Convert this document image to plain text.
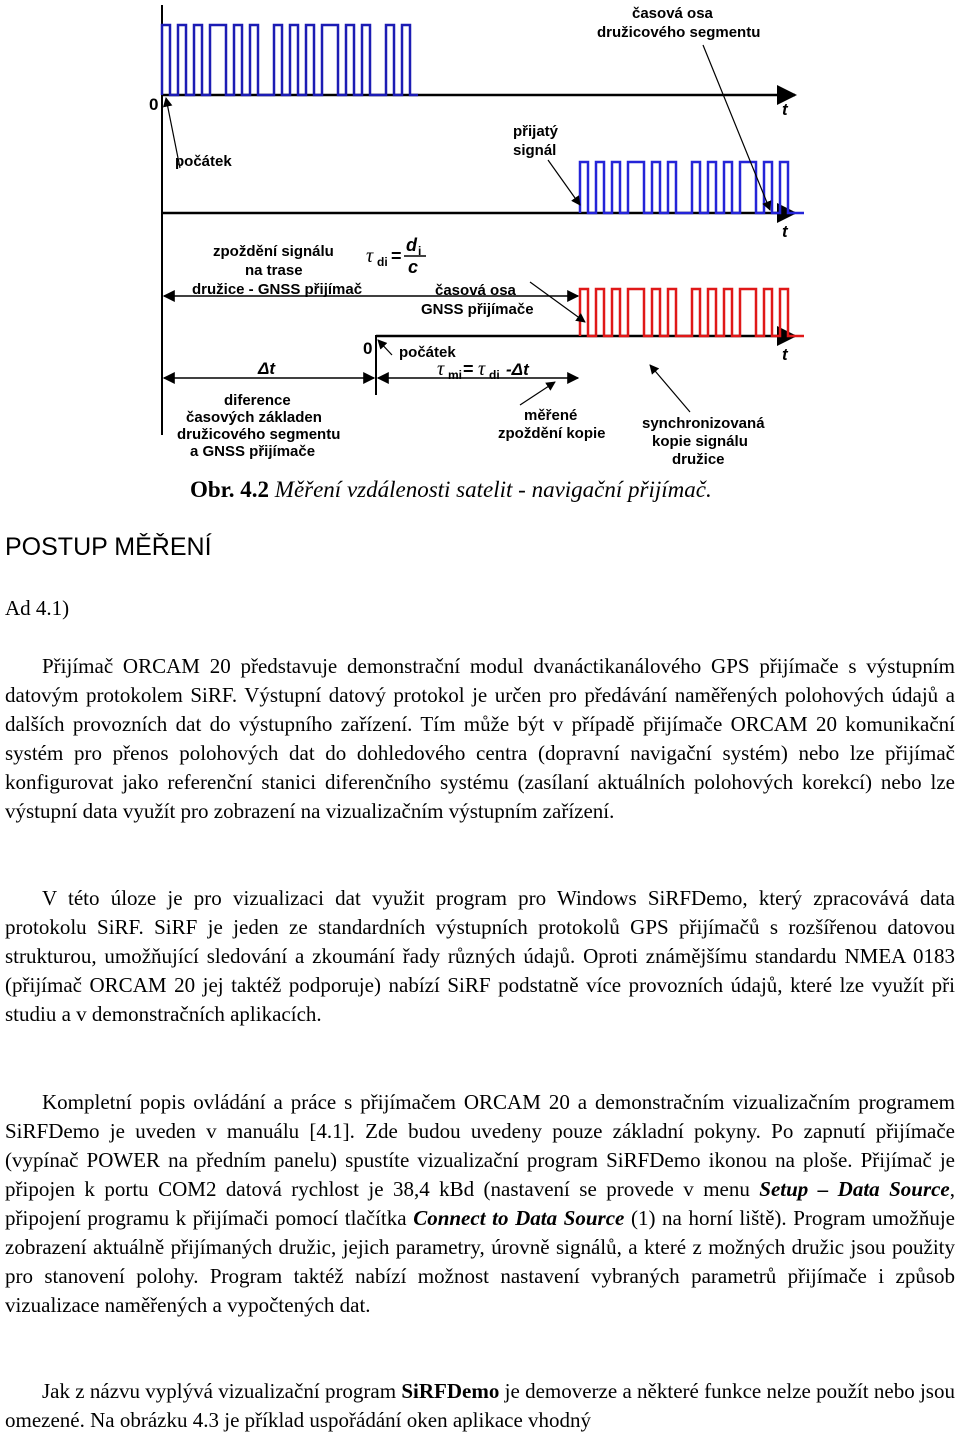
časová osa
družicového segmentu
0	t
počátek
přijatý
signál
t
zpoždění signálu
na trase
družice - GNSS přijímač
τ di =
d i
c
časová osa
GNSS přijímače
0	t
počátek
Δt	τ mi = τ di -Δt
diference
časových základen
družicového segmentu
a GNSS přijímače
měřené
zpoždění kopie
synchronizovaná
kopie signálu
družice
Obr. 4.2 Měření vzdálenosti satelit - navigační přijímač.
POSTUP MĚŘENÍ

Ad 4.1)

Přijímač ORCAM 20 představuje demonstrační modul dvanáctikanálového GPS přijímače s výstupním datovým protokolem SiRF. Výstupní datový protokol je určen pro předávání naměřených polohových údajů a dalších provozních dat do výstupního zařízení. Tím může být v případě přijímače ORCAM 20 komunikační systém pro přenos polohových dat do dohledového centra (dopravní navigační systém) nebo lze přijímač konfigurovat jako referenční stanici diferenčního systému (zasílaní aktuálních polohových korekcí) nebo lze výstupní data využít pro zobrazení na vizualizačním výstupním zařízení.

V této úloze je pro vizualizaci dat využit program pro Windows SiRFDemo, který zpracovává data protokolu SiRF. SiRF je jeden ze standardních výstupních protokolů GPS přijímačů s rozšířenou datovou strukturou, umožňující sledování a zkoumání řady různých údajů. Oproti známějšímu standardu NMEA 0183 (přijímač ORCAM 20 jej taktéž podporuje) nabízí SiRF podstatně více provozních údajů, které lze využít při studiu a v demonstračních aplikacích.

Kompletní popis ovládání a práce s přijímačem ORCAM 20 a demonstračním vizualizačním programem SiRFDemo je uveden v manuálu [4.1]. Zde budou uvedeny pouze základní pokyny. Po zapnutí přijímače (vypínač POWER na předním panelu) spustíte vizualizační program SiRFDemo ikonou na ploše. Přijímač je připojen k portu COM2 datová rychlost je 38,4 kBd (nastavení se provede v menu Setup – Data Source, připojení programu k přijímači pomocí tlačítka Connect to Data Source (1) na horní liště). Program umožňuje zobrazení aktuálně přijímaných družic, jejich parametry, úrovně signálů, a které z možných družic jsou použity pro stanovení polohy. Program taktéž nabízí možnost nastavení vybraných parametrů přijímače i způsob vizualizace naměřených a vypočtených dat.

Jak z názvu vyplývá vizualizační program SiRFDemo je demoverze a některé funkce nelze použít nebo jsou omezené. Na obrázku 4.3 je příklad uspořádání oken aplikace vhodný
